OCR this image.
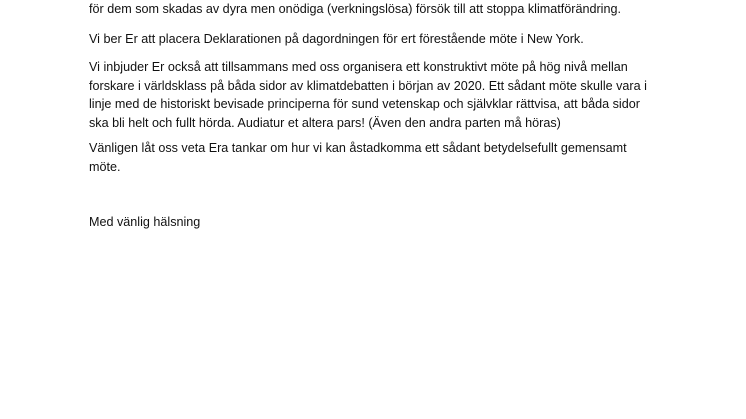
för dem som skadas av dyra men onödiga (verkningslösa) försök till att stoppa klimatförändring.

Vi ber Er att placera Deklarationen på dagordningen för ert förestående möte i New York.

Vi inbjuder Er också att tillsammans med oss organisera ett konstruktivt möte på hög nivå mellan
forskare i världsklass på båda sidor av klimatdebatten i början av 2020. Ett sådant möte skulle vara i
linje med de historiskt bevisade principerna för sund vetenskap och självklar rättvisa, att båda sidor
ska bli helt och fullt hörda. Audiatur et altera pars! (Även den andra parten må höras)

Vänligen låt oss veta Era tankar om hur vi kan åstadkomma ett sådant betydelsefullt gemensamt
möte.

Med vänlig hälsning
